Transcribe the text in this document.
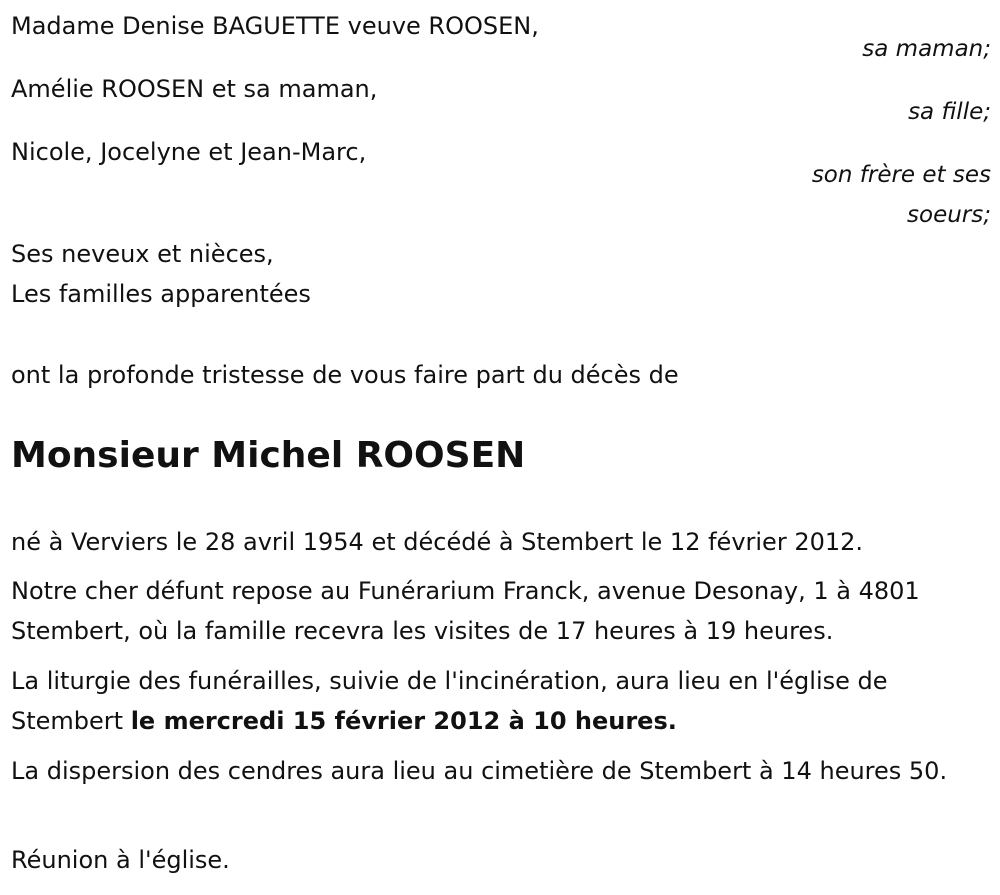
Madame Denise BAGUETTE veuve ROOSEN,
sa maman;
Amélie ROOSEN et sa maman,
sa fille;
Nicole, Jocelyne et Jean-Marc,
son frère et ses
soeurs;
Ses neveux et nièces,
Les familles apparentées
ont la profonde tristesse de vous faire part du décès de
Monsieur Michel ROOSEN
né à Verviers le 28 avril 1954 et décédé à Stembert le 12 février 2012.
Notre cher défunt repose au Funérarium Franck, avenue Desonay, 1 à 4801 Stembert, où la famille recevra les visites de 17 heures à 19 heures.
La liturgie des funérailles, suivie de l'incinération, aura lieu en l'église de Stembert le mercredi 15 février 2012 à 10 heures.
La dispersion des cendres aura lieu au cimetière de Stembert à 14 heures 50.
Réunion à l'église.
